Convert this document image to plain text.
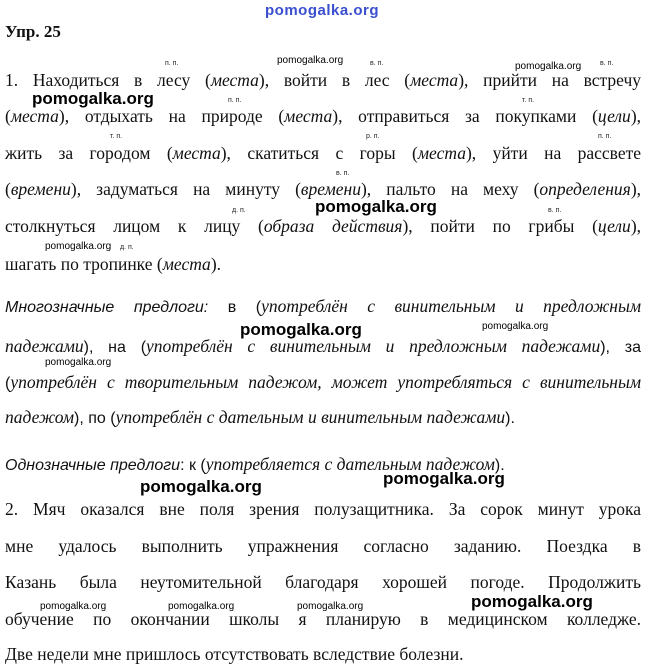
pomogalka.org
Упр. 25
1. Находиться в лесу (места), войти в лес (места), прийти на встречу
(места), отдыхать на природе (места), отправиться за покупками (цели),
жить за городом (места), скатиться с горы (места), уйти на рассвете
(времени), задуматься на минуту (времени), пальто на меху (определения),
столкнуться лицом к лицу (образа действия), пойти по грибы (цели),
шагать по тропинке (места).
п. п.	в. п.	в. п.
п. п.	т. п.
т. п.	р. п.	п. п.
в. п.
д. п.	в. п.
д. п.
Многозначные предлоги: в (употреблён с винительным и предложным
падежами), на (употреблён с винительным и предложным падежами), за
(употреблён с творительным падежом, может употребляться с винительным
падежом), по (употреблён с дательным и винительным падежами).
Однозначные предлоги: к (употребляется с дательным падежом).
2. Мяч оказался вне поля зрения полузащитника. За сорок минут урока
мне удалось выполнить упражнения согласно заданию. Поездка в
Казань была неутомительной благодаря хорошей погоде. Продолжить
обучение по окончании школы я планирую в медицинском колледже.
Две недели мне пришлось отсутствовать вследствие болезни.
pomogalka.org
pomogalka.org
pomogalka.org
pomogalka.org
pomogalka.org
pomogalka.org	pomogalka.org
pomogalka.org
pomogalka.org
pomogalka.org
pomogalka.org	pomogalka.org	pomogalka.org	pomogalka.org
